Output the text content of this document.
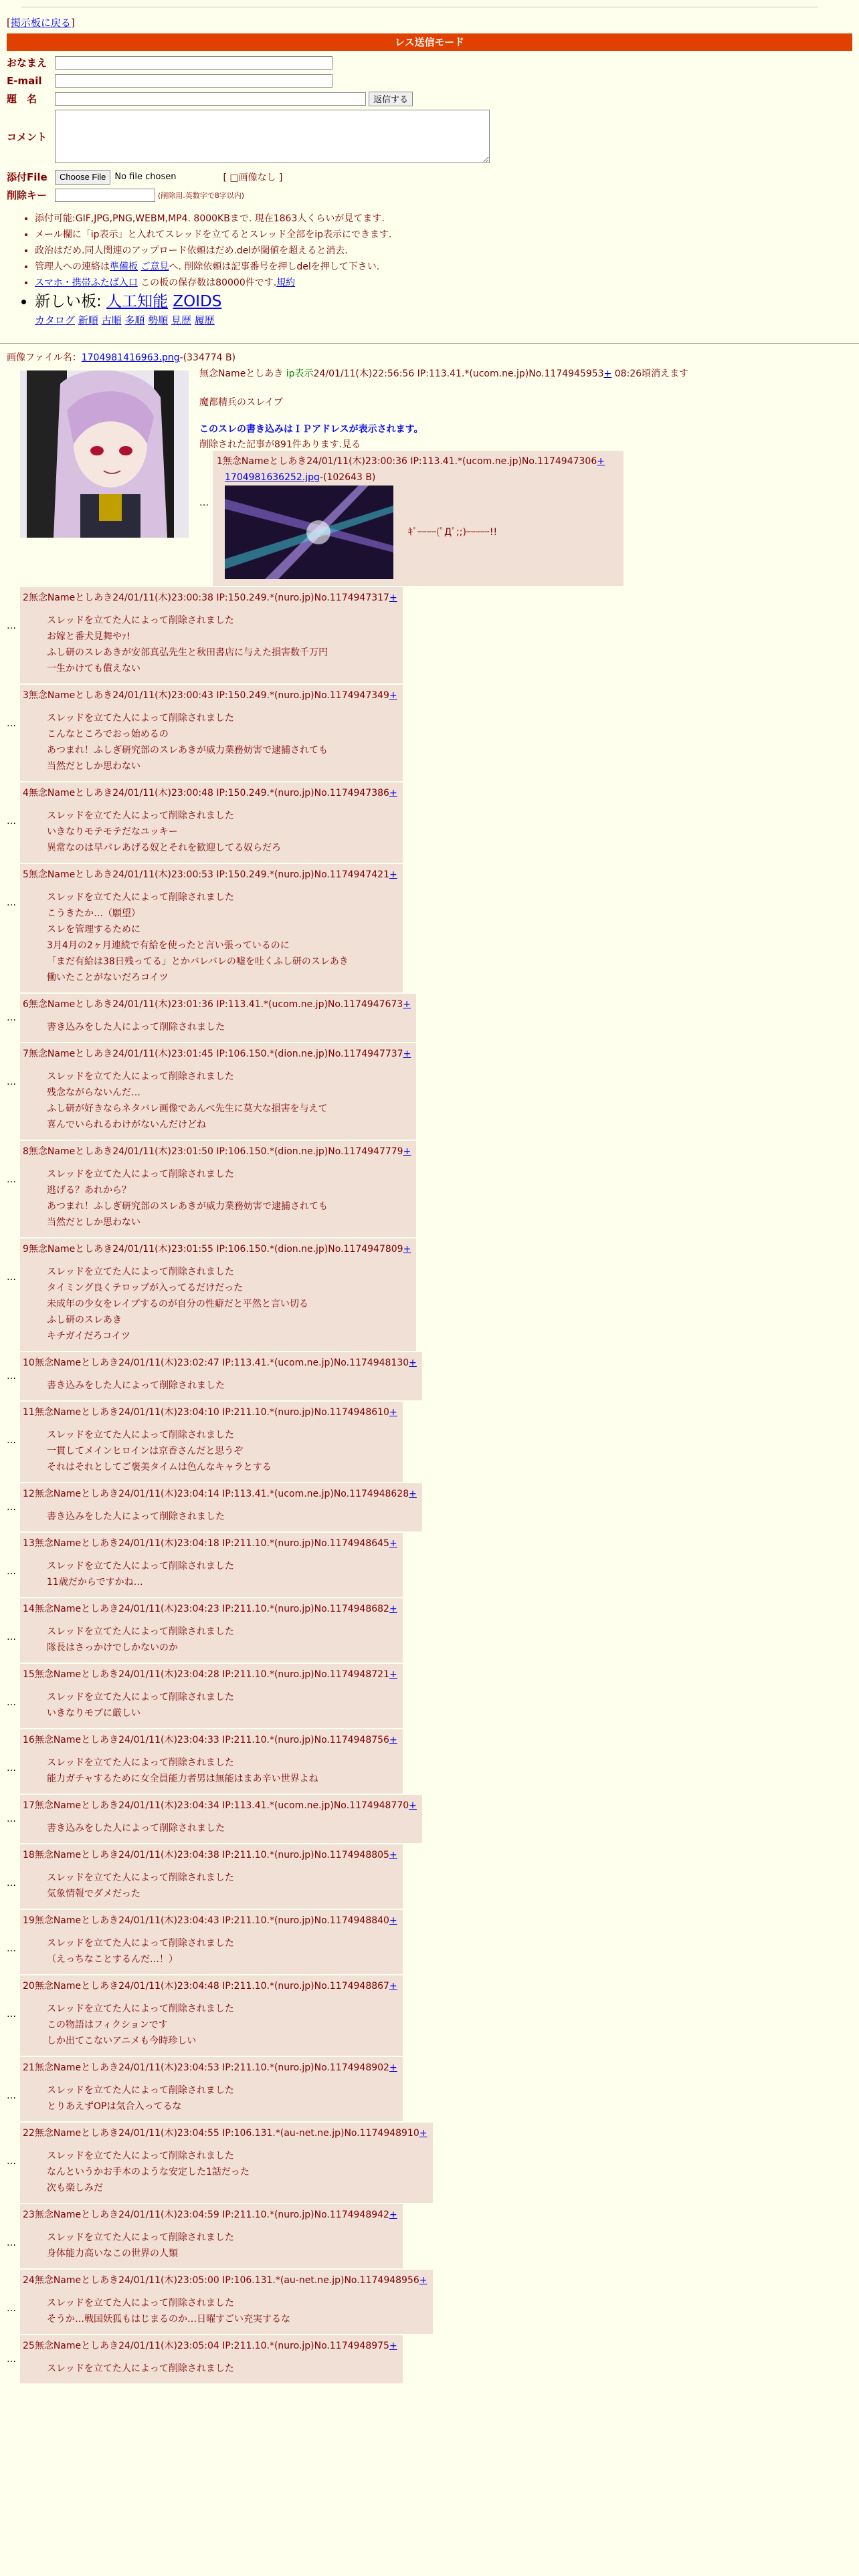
[掲示板に戻る]
レス送信モード
おなまえ
E-mail
題　名	返信する
コメント
添付File	Choose File	No file chosen	[ □画像なし ]
削除キー	(削除用.英数字で8字以内)
• 添付可能:GIF,JPG,PNG,WEBM,MP4. 8000KBまで. 現在1863人くらいが見てます.
• メール欄に「ip表示」と入れてスレッドを立てるとスレッド全部をip表示にできます.
• 政治はだめ.同人関連のアップロード依頼はだめ.delが閾値を超えると消去.
• 管理人への連絡は準備板 ご意見へ. 削除依頼は記事番号を押しdelを押して下さい.
• スマホ・携帯ふたば入口 この板の保存数は80000件です.規約
• 新しい板: 人工知能 ZOIDS
カタログ 新順 古順 多順 勢順 見歴 履歴
画像ファイル名：1704981416963.png-(334774 B)
無念Nameとしあき ip表示24/01/11(木)22:56:56 IP:113.41.*(ucom.ne.jp)No.1174945953+ 08:26頃消えます
魔都精兵のスレイブ
このスレの書き込みはＩＰアドレスが表示されます。
削除された記事が891件あります.見る
…
1無念Nameとしあき24/01/11(木)23:00:36 IP:113.41.*(ucom.ne.jp)No.1174947306+
1704981636252.jpg-(102643 B)
ｷﾞｰｰｰｰ(ﾟДﾟ;;)ｰｰｰｰｰ!!
…
2無念Nameとしあき24/01/11(木)23:00:38 IP:150.249.*(nuro.jp)No.1174947317+
スレッドを立てた人によって削除されました
お嫁と番犬見舞やｧ!
ふし研のスレあきが安部真弘先生と秋田書店に与えた損害数千万円
一生かけても償えない
…
3無念Nameとしあき24/01/11(木)23:00:43 IP:150.249.*(nuro.jp)No.1174947349+
スレッドを立てた人によって削除されました
こんなところでおっ始めるの
あつまれ！ふしぎ研究部のスレあきが威力業務妨害で逮捕されても
当然だとしか思わない
…
4無念Nameとしあき24/01/11(木)23:00:48 IP:150.249.*(nuro.jp)No.1174947386+
スレッドを立てた人によって削除されました
いきなりモテモテだなユッキー
異常なのは早パレあげる奴とそれを歓迎してる奴らだろ
…
5無念Nameとしあき24/01/11(木)23:00:53 IP:150.249.*(nuro.jp)No.1174947421+
スレッドを立てた人によって削除されました
こうきたか…（願望）
スレを管理するために
3月4月の2ヶ月連続で有給を使ったと言い張っているのに
「まだ有給は38日残ってる」とかバレバレの嘘を吐くふし研のスレあき
働いたことがないだろコイツ
…
6無念Nameとしあき24/01/11(木)23:01:36 IP:113.41.*(ucom.ne.jp)No.1174947673+
書き込みをした人によって削除されました
…
7無念Nameとしあき24/01/11(木)23:01:45 IP:106.150.*(dion.ne.jp)No.1174947737+
スレッドを立てた人によって削除されました
残念ながらないんだ…
ふし研が好きならネタバレ画像であんべ先生に莫大な損害を与えて
喜んでいられるわけがないんだけどね
…
8無念Nameとしあき24/01/11(木)23:01:50 IP:106.150.*(dion.ne.jp)No.1174947779+
スレッドを立てた人によって削除されました
逃げる？あれから？
あつまれ！ふしぎ研究部のスレあきが威力業務妨害で逮捕されても
当然だとしか思わない
…
9無念Nameとしあき24/01/11(木)23:01:55 IP:106.150.*(dion.ne.jp)No.1174947809+
スレッドを立てた人によって削除されました
タイミング良くテロップが入ってるだけだった
未成年の少女をレイプするのが自分の性癖だと平然と言い切る
ふし研のスレあき
キチガイだろコイツ
…
10無念Nameとしあき24/01/11(木)23:02:47 IP:113.41.*(ucom.ne.jp)No.1174948130+
書き込みをした人によって削除されました
…
11無念Nameとしあき24/01/11(木)23:04:10 IP:211.10.*(nuro.jp)No.1174948610+
スレッドを立てた人によって削除されました
一貫してメインヒロインは京香さんだと思うぞ
それはそれとしてご褒美タイムは色んなキャラとする
…
12無念Nameとしあき24/01/11(木)23:04:14 IP:113.41.*(ucom.ne.jp)No.1174948628+
書き込みをした人によって削除されました
…
13無念Nameとしあき24/01/11(木)23:04:18 IP:211.10.*(nuro.jp)No.1174948645+
スレッドを立てた人によって削除されました
11歳だからですかね…
…
14無念Nameとしあき24/01/11(木)23:04:23 IP:211.10.*(nuro.jp)No.1174948682+
スレッドを立てた人によって削除されました
隊長はさっかけでしかないのか
…
15無念Nameとしあき24/01/11(木)23:04:28 IP:211.10.*(nuro.jp)No.1174948721+
スレッドを立てた人によって削除されました
いきなりモブに厳しい
…
16無念Nameとしあき24/01/11(木)23:04:33 IP:211.10.*(nuro.jp)No.1174948756+
スレッドを立てた人によって削除されました
能力ガチャするために女全員能力者男は無能はまあ辛い世界よね
…
17無念Nameとしあき24/01/11(木)23:04:34 IP:113.41.*(ucom.ne.jp)No.1174948770+
書き込みをした人によって削除されました
…
18無念Nameとしあき24/01/11(木)23:04:38 IP:211.10.*(nuro.jp)No.1174948805+
スレッドを立てた人によって削除されました
気象情報でダメだった
…
19無念Nameとしあき24/01/11(木)23:04:43 IP:211.10.*(nuro.jp)No.1174948840+
スレッドを立てた人によって削除されました
（えっちなことするんだ…！）
…
20無念Nameとしあき24/01/11(木)23:04:48 IP:211.10.*(nuro.jp)No.1174948867+
スレッドを立てた人によって削除されました
この物語はフィクションです
しか出てこないアニメも今時珍しい
…
21無念Nameとしあき24/01/11(木)23:04:53 IP:211.10.*(nuro.jp)No.1174948902+
スレッドを立てた人によって削除されました
とりあえずOPは気合入ってるな
…
22無念Nameとしあき24/01/11(木)23:04:55 IP:106.131.*(au-net.ne.jp)No.1174948910+
スレッドを立てた人によって削除されました
なんというかお手本のような安定した1話だった
次も楽しみだ
…
23無念Nameとしあき24/01/11(木)23:04:59 IP:211.10.*(nuro.jp)No.1174948942+
スレッドを立てた人によって削除されました
身体能力高いなこの世界の人類
…
24無念Nameとしあき24/01/11(木)23:05:00 IP:106.131.*(au-net.ne.jp)No.1174948956+
スレッドを立てた人によって削除されました
そうか…戦国妖狐もはじまるのか…日曜すごい充実するな
…
25無念Nameとしあき24/01/11(木)23:05:04 IP:211.10.*(nuro.jp)No.1174948975+
スレッドを立てた人によって削除されました
